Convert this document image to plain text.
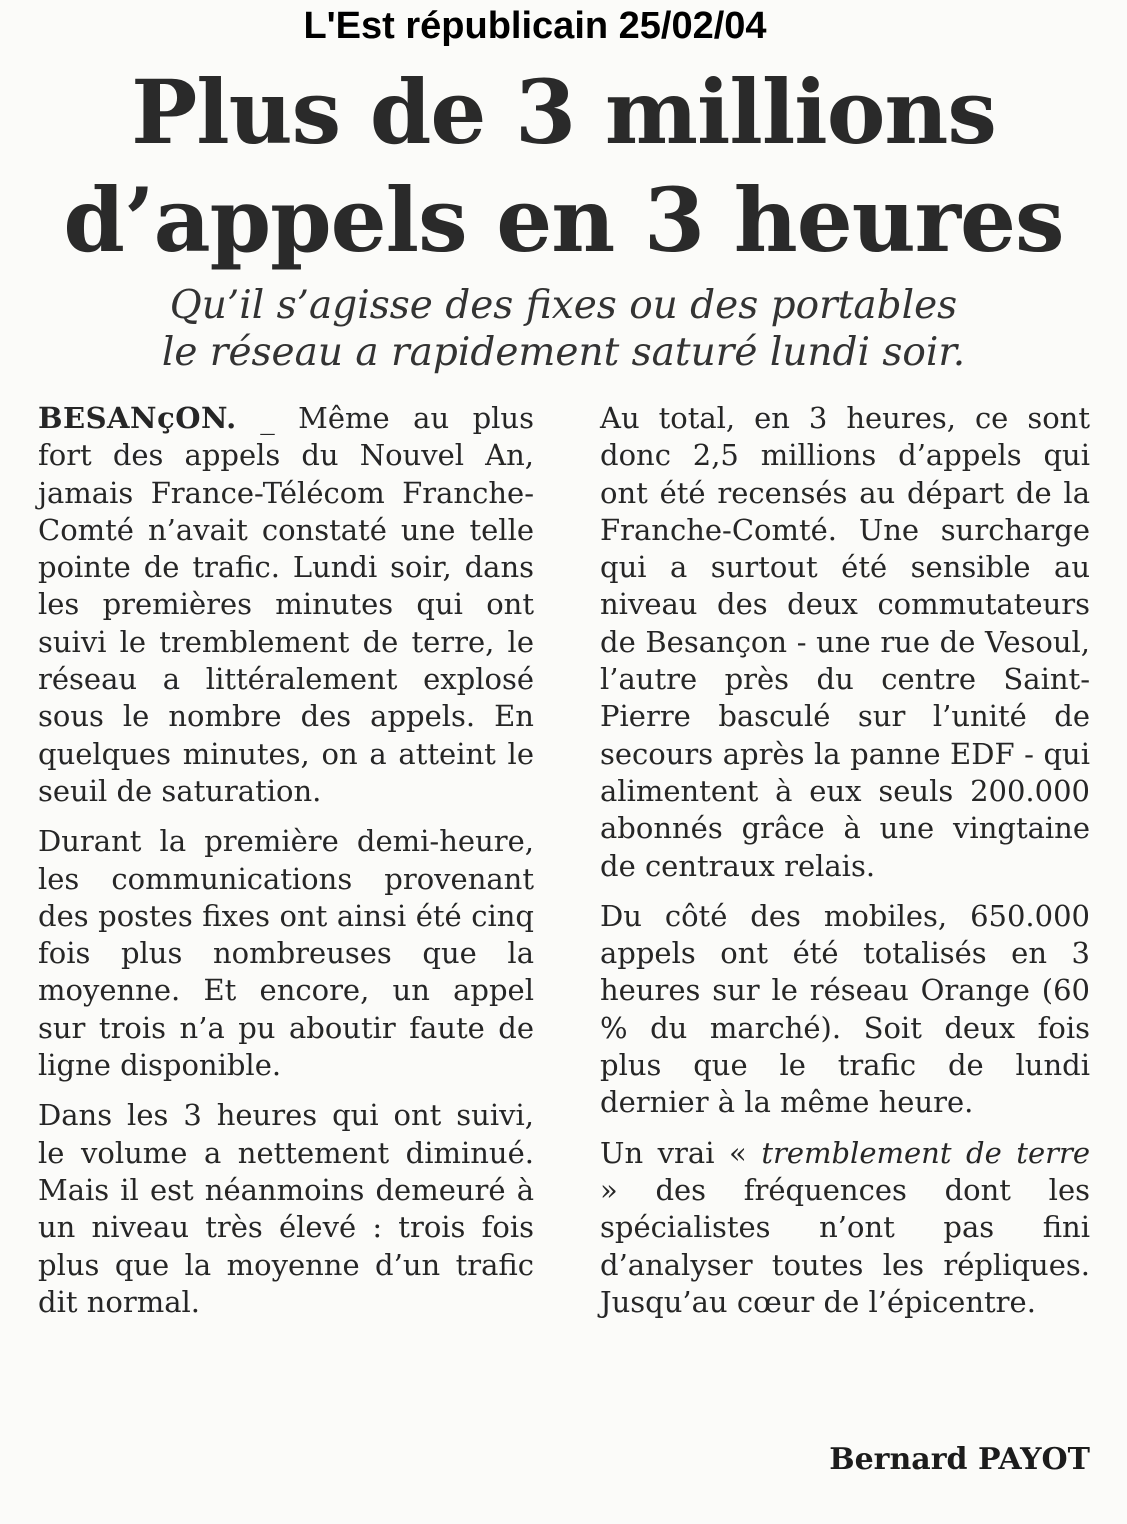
L'Est républicain 25/02/04
Plus de 3 millions
d’appels en 3 heures
Qu’il s’agisse des fixes ou des portables
le réseau a rapidement saturé lundi soir.

BESANçON. _ Même au plus fort des appels du Nouvel An, jamais France-Télécom Franche-Comté n’avait constaté une telle pointe de trafic. Lundi soir, dans les premières minutes qui ont suivi le tremblement de terre, le réseau a littéralement explosé sous le nombre des appels. En quelques minutes, on a atteint le seuil de saturation.

Durant la première demi-heure, les communications provenant des postes fixes ont ainsi été cinq fois plus nombreuses que la moyenne. Et encore, un appel sur trois n’a pu aboutir faute de ligne disponible.

Dans les 3 heures qui ont suivi, le volume a nettement diminué. Mais il est néanmoins demeuré à un niveau très élevé : trois fois plus que la moyenne d’un trafic dit normal.

Au total, en 3 heures, ce sont donc 2,5 millions d’appels qui ont été recensés au départ de la Franche-Comté. Une surcharge qui a surtout été sensible au niveau des deux commutateurs de Besançon - une rue de Vesoul, l’autre près du centre Saint-Pierre basculé sur l’unité de secours après la panne EDF - qui alimentent à eux seuls 200.000 abonnés grâce à une vingtaine de centraux relais.

Du côté des mobiles, 650.000 appels ont été totalisés en 3 heures sur le réseau Orange (60 % du marché). Soit deux fois plus que le trafic de lundi dernier à la même heure.

Un vrai « tremblement de terre » des fréquences dont les spécialistes n’ont pas fini d’analyser toutes les répliques. Jusqu’au cœur de l’épicentre.

Bernard PAYOT
